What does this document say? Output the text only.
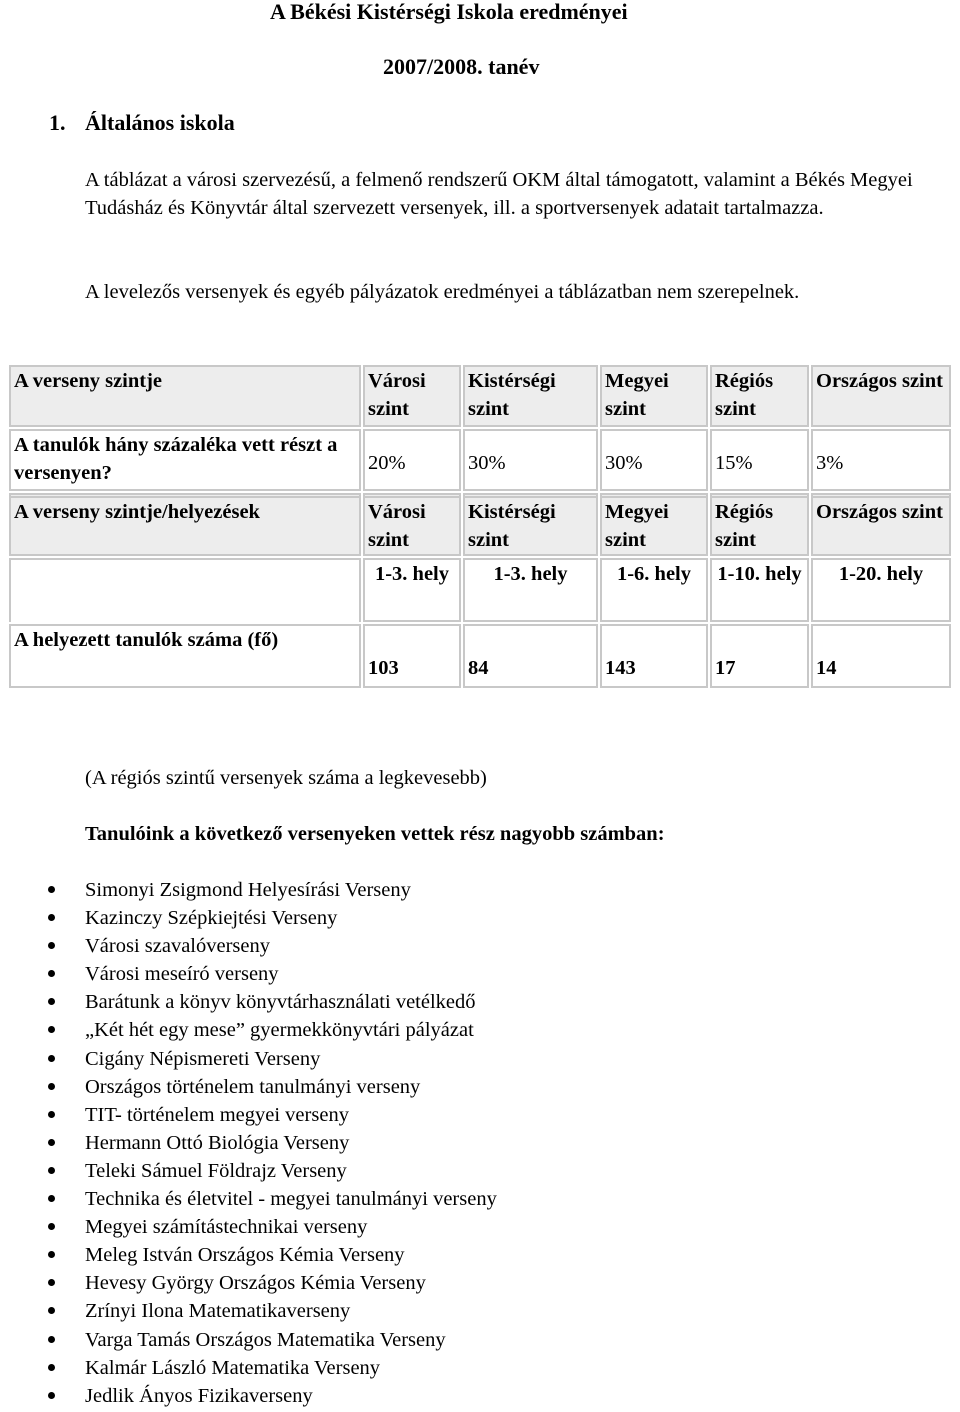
A Békési Kistérségi Iskola eredményei
2007/2008. tanév
1. Általános iskola
A táblázat a városi szervezésű, a felmenő rendszerű OKM által támogatott, valamint a Békés Megyei Tudásház és Könyvtár által szervezett versenyek, ill. a sportversenyek adatait tartalmazza.
A levelezős versenyek és egyéb pályázatok eredményei a táblázatban nem szerepelnek.
A verseny szintje	Városi szint	Kistérségi szint	Megyei szint	Régiós szint	Országos szint
A tanulók hány százaléka vett részt a versenyen?	20%	30%	30%	15%	3%

A verseny szintje/helyezések	Városi szint	Kistérségi szint	Megyei szint	Régiós szint	Országos szint
	1-3. hely	1-3. hely	1-6. hely	1-10. hely	1-20. hely
A helyezett tanulók száma (fő)	103	84	143	17	14
(A régiós szintű versenyek száma a legkevesebb)
Tanulóink a következő versenyeken vettek rész nagyobb számban:
Simonyi Zsigmond Helyesírási Verseny
Kazinczy Szépkiejtési Verseny
Városi szavalóverseny
Városi meseíró verseny
Barátunk a könyv könyvtárhasználati vetélkedő
„Két hét egy mese” gyermekkönyvtári pályázat
Cigány Népismereti Verseny
Országos történelem tanulmányi verseny
TIT- történelem megyei verseny
Hermann Ottó Biológia Verseny
Teleki Sámuel Földrajz Verseny
Technika és életvitel - megyei tanulmányi verseny
Megyei számítástechnikai verseny
Meleg István Országos Kémia Verseny
Hevesy György Országos Kémia Verseny
Zrínyi Ilona Matematikaverseny
Varga Tamás Országos Matematika Verseny
Kalmár László Matematika Verseny
Jedlik Ányos Fizikaverseny
